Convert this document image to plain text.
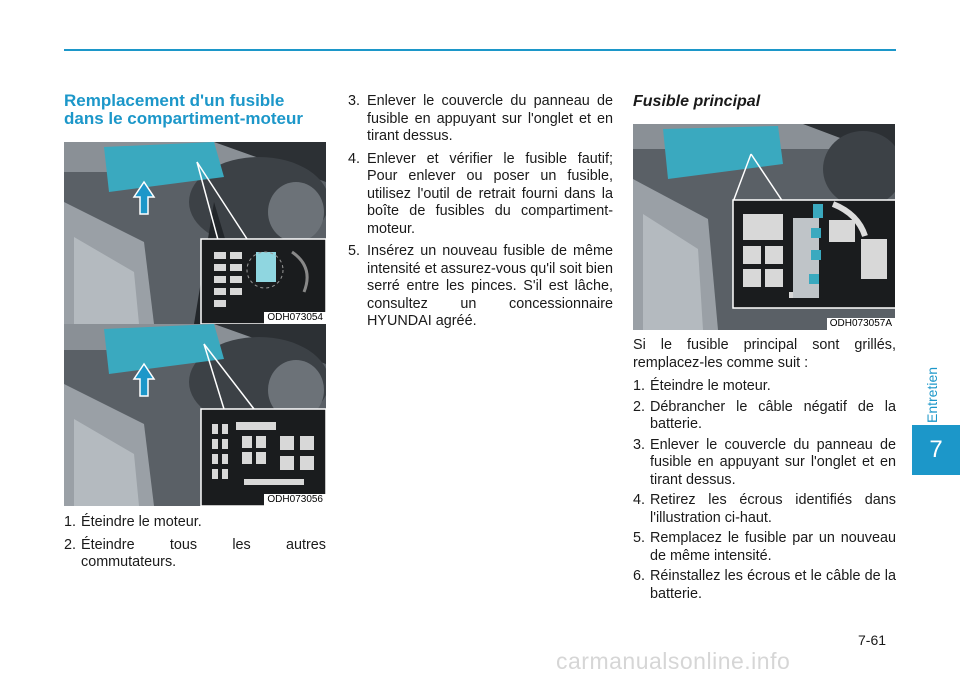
Entretien
7
Remplacement d'un fusible
dans le compartiment-moteur
ODH073054
ODH073056
1. Éteindre le moteur.
2. Éteindre tous les autres commutateurs.
3. Enlever le couvercle du panneau de fusible en appuyant sur l'onglet et en tirant dessus.
4. Enlever et vérifier le fusible fautif; Pour enlever ou poser un fusible, utilisez l'outil de retrait fourni dans la boîte de fusibles du compartiment-moteur.
5. Insérez un nouveau fusible de même intensité et assurez-vous qu'il soit bien serré entre les pinces. S'il est lâche, consultez un concessionnaire HYUNDAI agréé.
Fusible principal
ODH073057A

Si le fusible principal sont grillés, remplacez-les comme suit :

1. Éteindre le moteur.
2. Débrancher le câble négatif de la batterie.
3. Enlever le couvercle du panneau de fusible en appuyant sur l'onglet et en tirant dessus.
4. Retirez les écrous identifiés dans l'illustration ci-haut.
5. Remplacez le fusible par un nouveau de même intensité.
6. Réinstallez les écrous et le câble de la batterie.
7-61
carmanualsonline.info
